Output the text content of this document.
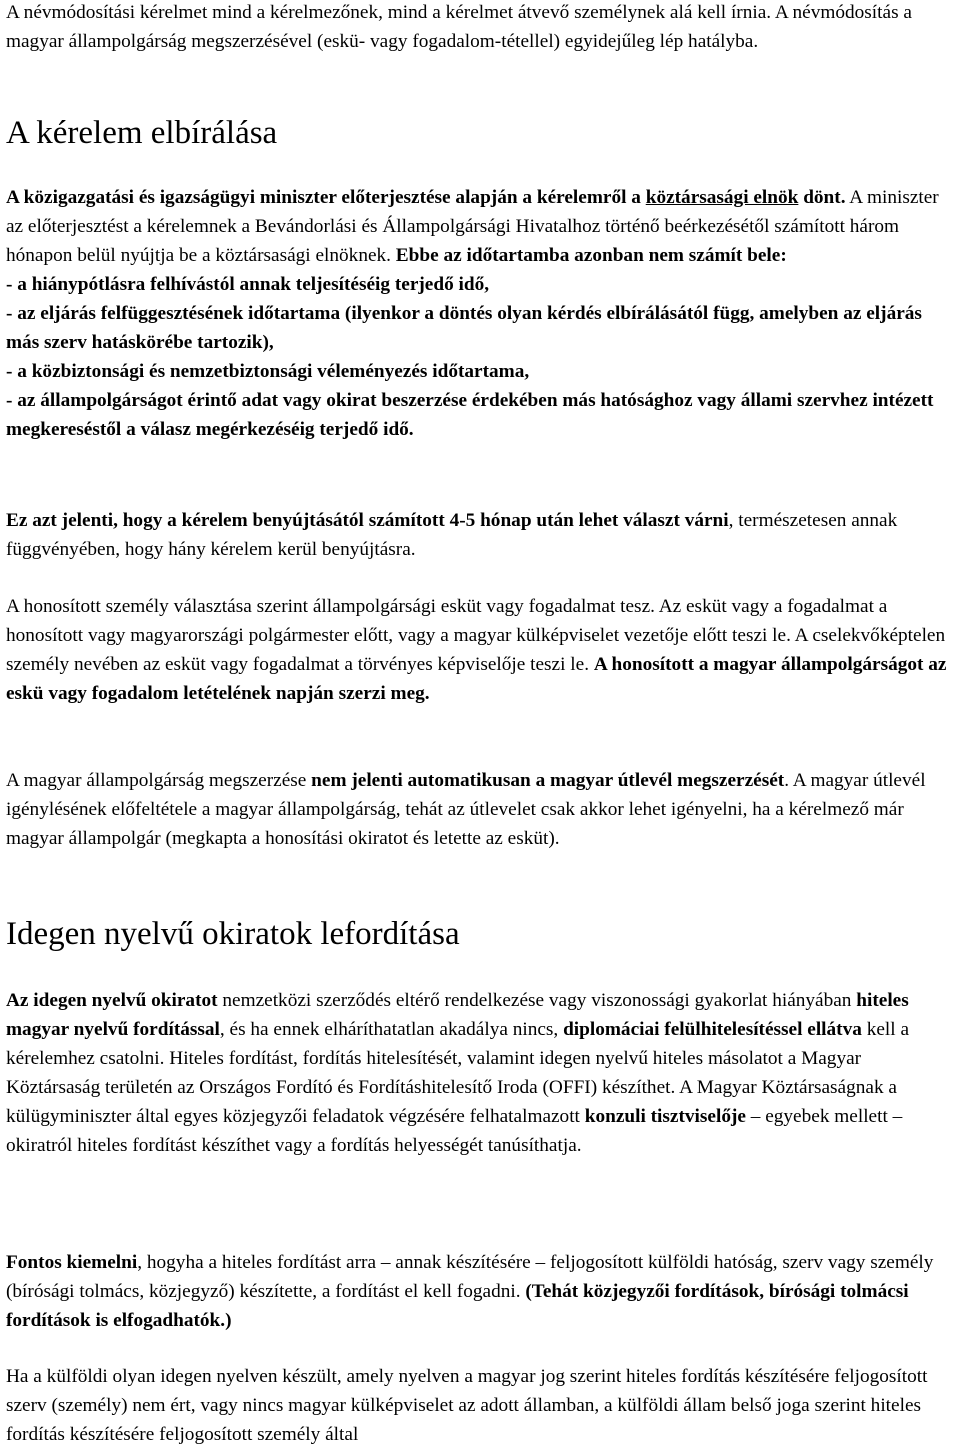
A névmódosítási kérelmet mind a kérelmezőnek, mind a kérelmet átvevő személynek alá kell írnia. A névmódosítás a magyar állampolgárság megszerzésével (eskü- vagy fogadalom-tétellel) egyidejűleg lép hatályba.

A kérelem elbírálása

A közigazgatási és igazságügyi miniszter előterjesztése alapján a kérelemről a köztársasági elnök dönt. A miniszter az előterjesztést a kérelemnek a Bevándorlási és Állampolgársági Hivatalhoz történő beérkezésétől számított három hónapon belül nyújtja be a köztársasági elnöknek. Ebbe az időtartamba azonban nem számít bele:
- a hiánypótlásra felhívástól annak teljesítéséig terjedő idő,
- az eljárás felfüggesztésének időtartama (ilyenkor a döntés olyan kérdés elbírálásától függ, amelyben az eljárás más szerv hatáskörébe tartozik),
- a közbiztonsági és nemzetbiztonsági véleményezés időtartama,
- az állampolgárságot érintő adat vagy okirat beszerzése érdekében más hatósághoz vagy állami szervhez intézett megkereséstől a válasz megérkezéséig terjedő idő.

Ez azt jelenti, hogy a kérelem benyújtásától számított 4-5 hónap után lehet választ várni, természetesen annak függvényében, hogy hány kérelem kerül benyújtásra.

A honosított személy választása szerint állampolgársági esküt vagy fogadalmat tesz. Az esküt vagy a fogadalmat a honosított vagy magyarországi polgármester előtt, vagy a magyar külképviselet vezetője előtt teszi le. A cselekvőképtelen személy nevében az esküt vagy fogadalmat a törvényes képviselője teszi le. A honosított a magyar állampolgárságot az eskü vagy fogadalom letételének napján szerzi meg.

A magyar állampolgárság megszerzése nem jelenti automatikusan a magyar útlevél megszerzését. A magyar útlevél igénylésének előfeltétele a magyar állampolgárság, tehát az útlevelet csak akkor lehet igényelni, ha a kérelmező már magyar állampolgár (megkapta a honosítási okiratot és letette az esküt).

Idegen nyelvű okiratok lefordítása

Az idegen nyelvű okiratot nemzetközi szerződés eltérő rendelkezése vagy viszonossági gyakorlat hiányában hiteles magyar nyelvű fordítással, és ha ennek elháríthatatlan akadálya nincs, diplomáciai felülhitelesítéssel ellátva kell a kérelemhez csatolni. Hiteles fordítást, fordítás hitelesítését, valamint idegen nyelvű hiteles másolatot a Magyar Köztársaság területén az Országos Fordító és Fordításhitelesítő Iroda (OFFI) készíthet. A Magyar Köztársaságnak a külügyminiszter által egyes közjegyzői feladatok végzésére felhatalmazott konzuli tisztviselője – egyebek mellett – okiratról hiteles fordítást készíthet vagy a fordítás helyességét tanúsíthatja.

Fontos kiemelni, hogyha a hiteles fordítást arra – annak készítésére – feljogosított külföldi hatóság, szerv vagy személy (bírósági tolmács, közjegyző) készítette, a fordítást el kell fogadni. (Tehát közjegyzői fordítások, bírósági tolmácsi fordítások is elfogadhatók.)

Ha a külföldi olyan idegen nyelven készült, amely nyelven a magyar jog szerint hiteles fordítás készítésére feljogosított szerv (személy) nem ért, vagy nincs magyar külképviselet az adott államban, a külföldi állam belső joga szerint hiteles fordítás készítésére feljogosított személy által
